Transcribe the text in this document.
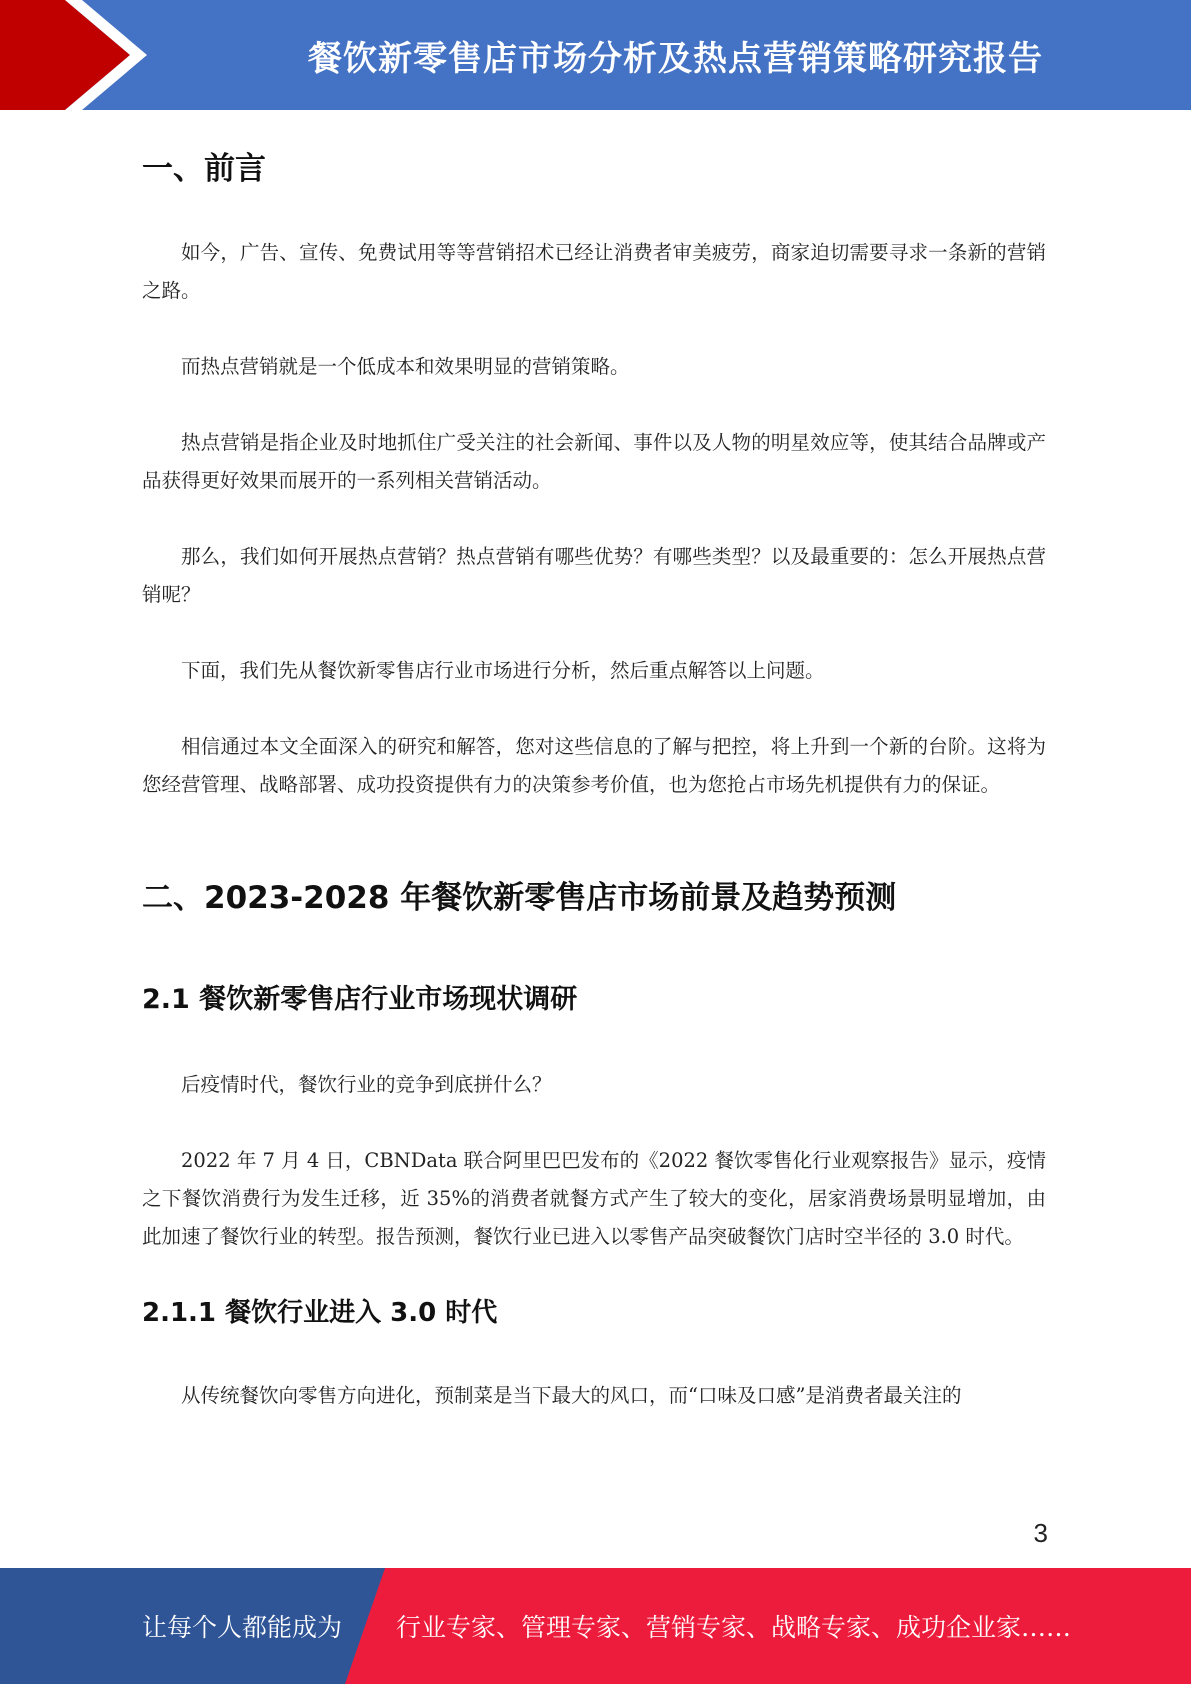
餐饮新零售店市场分析及热点营销策略研究报告
一、前言

如今，广告、宣传、免费试用等等营销招术已经让消费者审美疲劳，商家迫切需要寻求一条新的营销之路。

而热点营销就是一个低成本和效果明显的营销策略。

热点营销是指企业及时地抓住广受关注的社会新闻、事件以及人物的明星效应等，使其结合品牌或产品获得更好效果而展开的一系列相关营销活动。

那么，我们如何开展热点营销？热点营销有哪些优势？有哪些类型？以及最重要的：怎么开展热点营销呢？

下面，我们先从餐饮新零售店行业市场进行分析，然后重点解答以上问题。

相信通过本文全面深入的研究和解答，您对这些信息的了解与把控，将上升到一个新的台阶。这将为您经营管理、战略部署、成功投资提供有力的决策参考价值，也为您抢占市场先机提供有力的保证。

二、2023-2028 年餐饮新零售店市场前景及趋势预测
2.1 餐饮新零售店行业市场现状调研

后疫情时代，餐饮行业的竞争到底拼什么？

2022 年 7 月 4 日，CBNData 联合阿里巴巴发布的《2022 餐饮零售化行业观察报告》显示，疫情之下餐饮消费行为发生迁移，近 35%的消费者就餐方式产生了较大的变化，居家消费场景明显增加，由此加速了餐饮行业的转型。报告预测，餐饮行业已进入以零售产品突破餐饮门店时空半径的 3.0 时代。

2.1.1 餐饮行业进入 3.0 时代

从传统餐饮向零售方向进化，预制菜是当下最大的风口，而“口味及口感”是消费者最关注的

3
让每个人都能成为 行业专家、管理专家、营销专家、战略专家、成功企业家……
